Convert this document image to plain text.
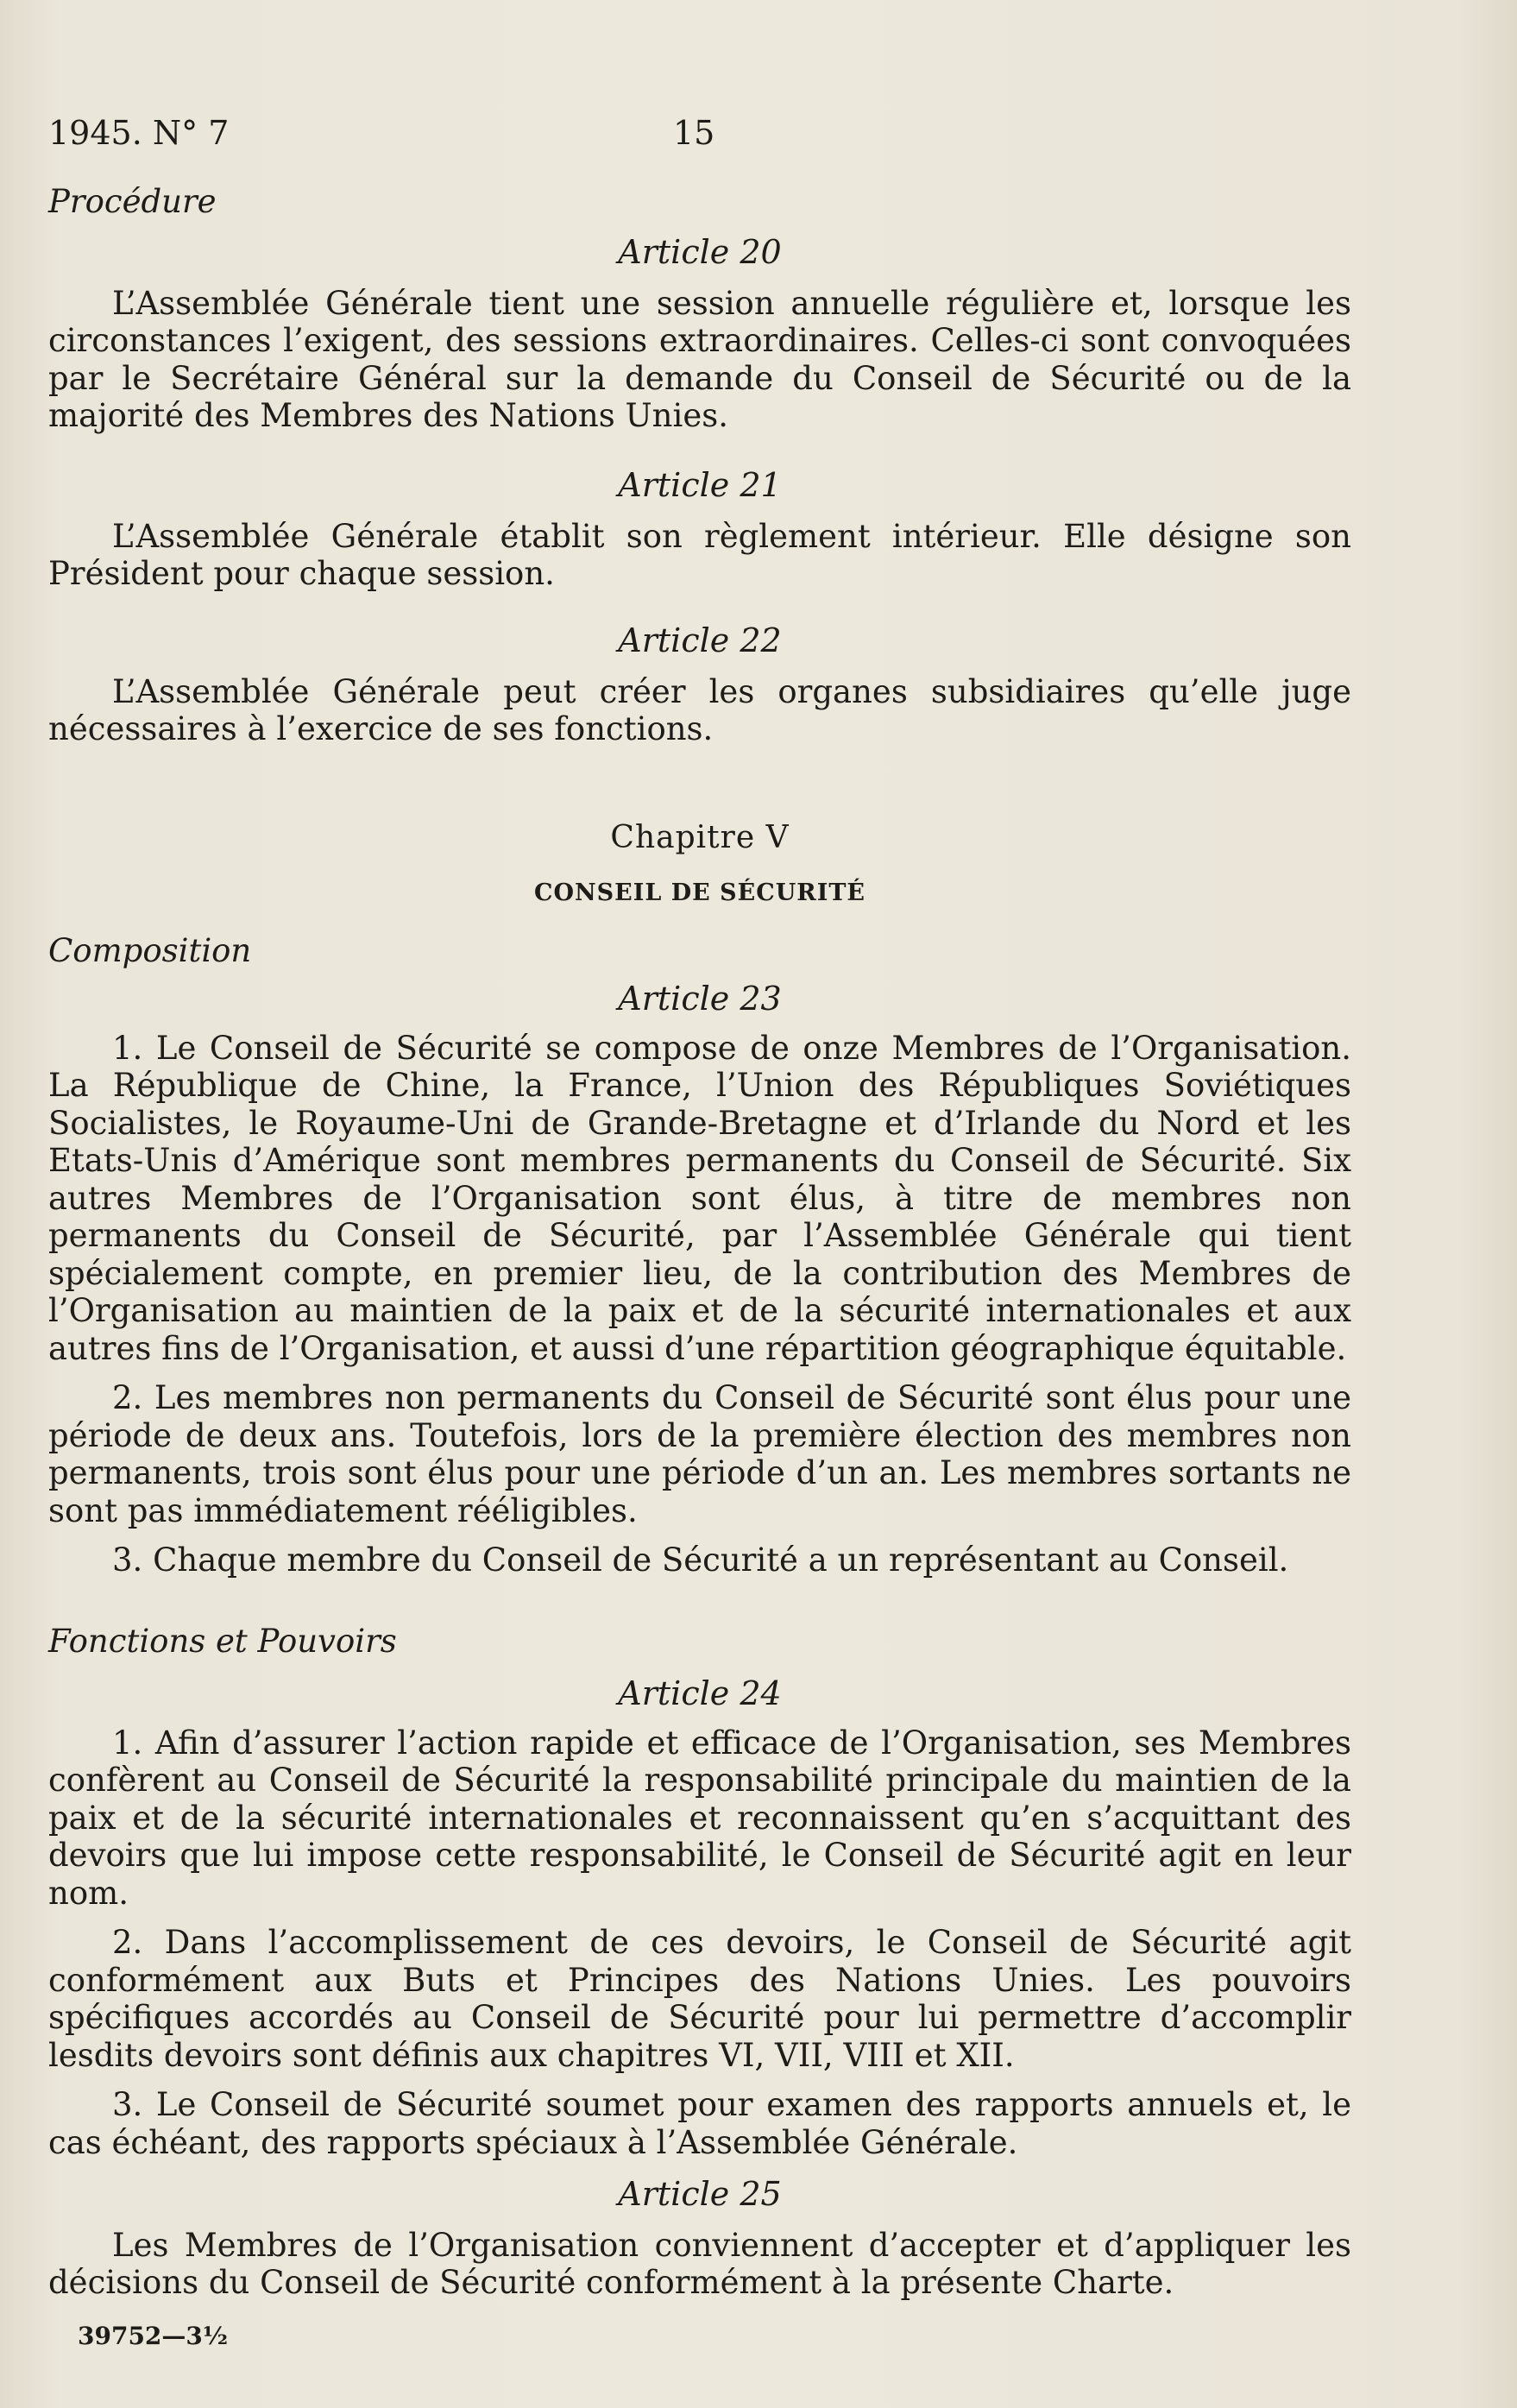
1945. N° 7	15

Procédure

Article 20

L’Assemblée Générale tient une session annuelle régulière et, lorsque les circonstances l’exigent, des sessions extraordinaires. Celles-ci sont convoquées par le Secrétaire Général sur la demande du Conseil de Sécurité ou de la majorité des Membres des Nations Unies.

Article 21

L’Assemblée Générale établit son règlement intérieur. Elle désigne son Président pour chaque session.

Article 22

L’Assemblée Générale peut créer les organes subsidiaires qu’elle juge nécessaires à l’exercice de ses fonctions.

Chapitre V

CONSEIL DE SÉCURITÉ

Composition

Article 23

1. Le Conseil de Sécurité se compose de onze Membres de l’Organisation. La République de Chine, la France, l’Union des Républiques Soviétiques Socialistes, le Royaume-Uni de Grande-Bretagne et d’Irlande du Nord et les Etats-Unis d’Amérique sont membres permanents du Conseil de Sécurité. Six autres Membres de l’Organisation sont élus, à titre de membres non permanents du Conseil de Sécurité, par l’Assemblée Générale qui tient spécialement compte, en premier lieu, de la contribution des Membres de l’Organisation au maintien de la paix et de la sécurité internationales et aux autres fins de l’Organisation, et aussi d’une répartition géographique équitable.

2. Les membres non permanents du Conseil de Sécurité sont élus pour une période de deux ans. Toutefois, lors de la première élection des membres non permanents, trois sont élus pour une période d’un an. Les membres sortants ne sont pas immédiatement rééligibles.

3. Chaque membre du Conseil de Sécurité a un représentant au Conseil.

Fonctions et Pouvoirs

Article 24

1. Afin d’assurer l’action rapide et efficace de l’Organisation, ses Membres confèrent au Conseil de Sécurité la responsabilité principale du maintien de la paix et de la sécurité internationales et reconnaissent qu’en s’acquittant des devoirs que lui impose cette responsabilité, le Conseil de Sécurité agit en leur nom.

2. Dans l’accomplissement de ces devoirs, le Conseil de Sécurité agit conformément aux Buts et Principes des Nations Unies. Les pouvoirs spécifiques accordés au Conseil de Sécurité pour lui permettre d’accomplir lesdits devoirs sont définis aux chapitres VI, VII, VIII et XII.

3. Le Conseil de Sécurité soumet pour examen des rapports annuels et, le cas échéant, des rapports spéciaux à l’Assemblée Générale.

Article 25

Les Membres de l’Organisation conviennent d’accepter et d’appliquer les décisions du Conseil de Sécurité conformément à la présente Charte.

39752—3½
